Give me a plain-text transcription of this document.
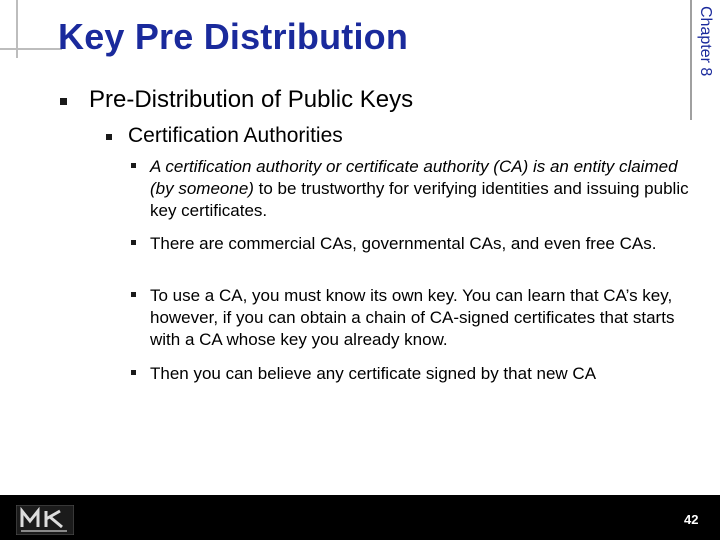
Key Pre Distribution	Chapter 8
Pre-Distribution of Public Keys
Certification Authorities
A certification authority or certificate authority (CA) is an entity claimed (by someone) to be trustworthy for verifying identities and issuing public key certificates.
There are commercial CAs, governmental CAs, and even free CAs.
To use a CA, you must know its own key. You can learn that CA’s key, however, if you can obtain a chain of CA-signed certificates that starts with a CA whose key you already know.
Then you can believe any certificate signed by that new CA
42
